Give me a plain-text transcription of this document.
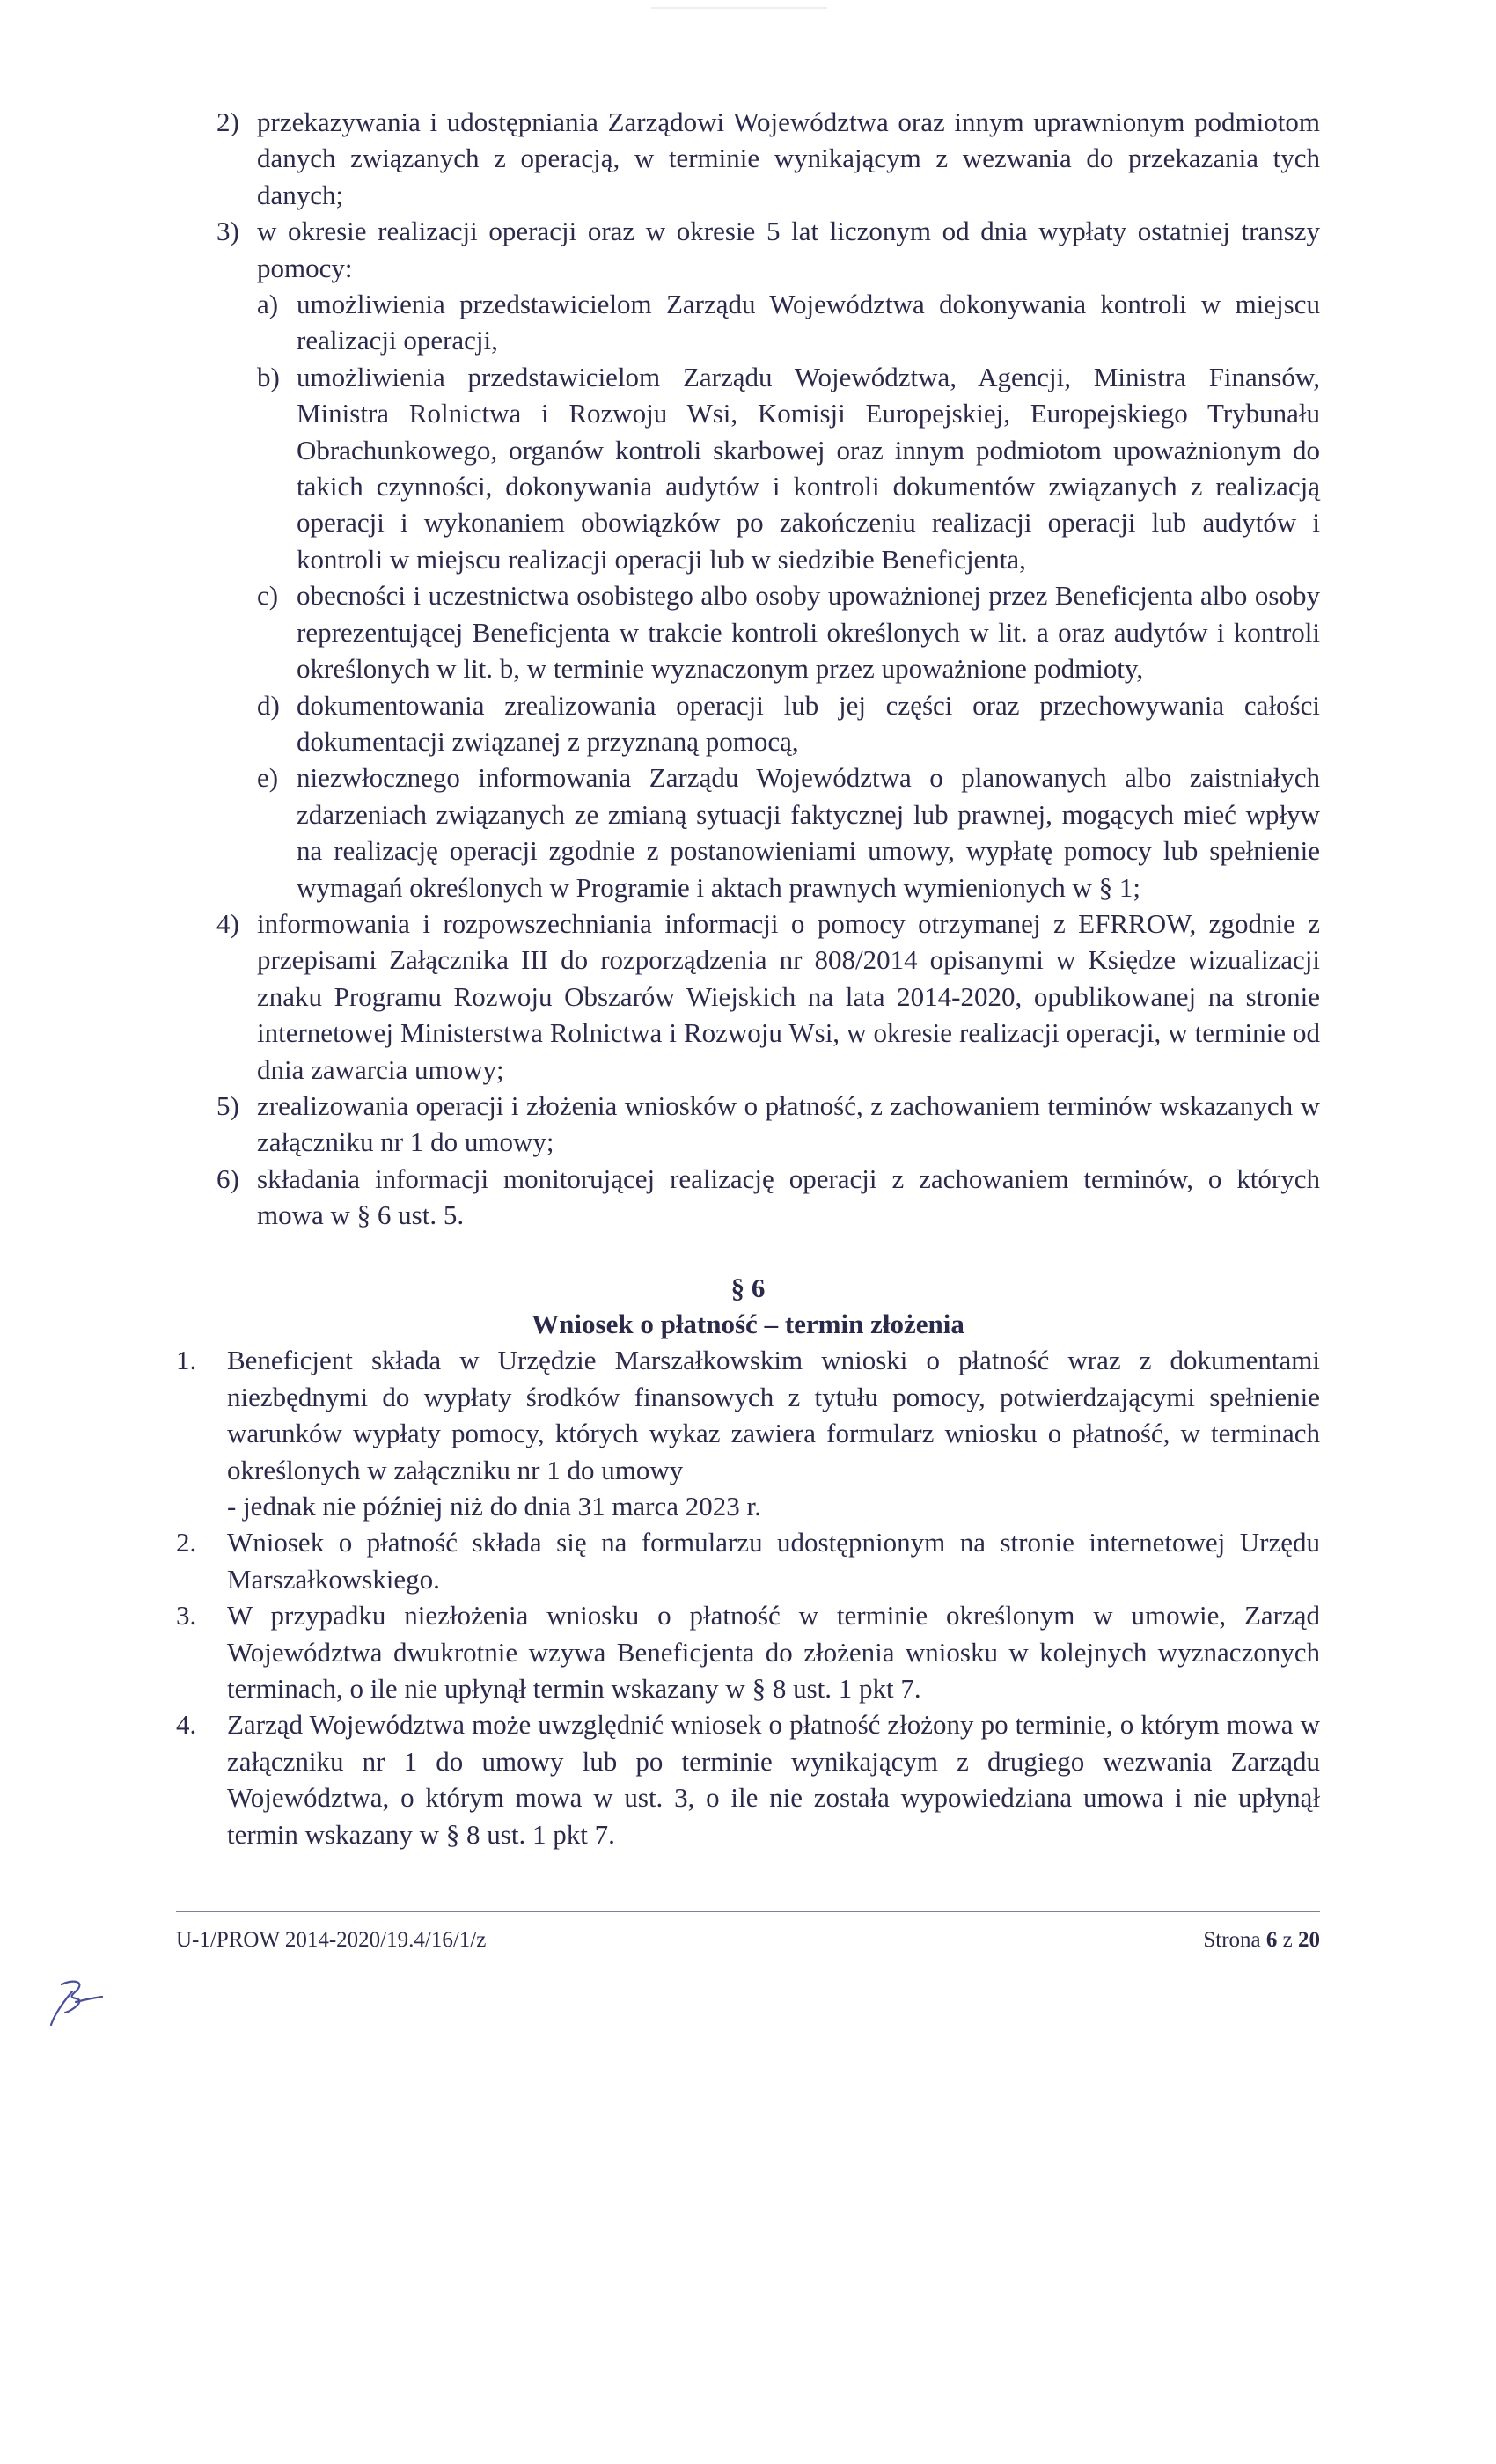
2) przekazywania i udostępniania Zarządowi Województwa oraz innym uprawnionym podmiotom danych związanych z operacją, w terminie wynikającym z wezwania do przekazania tych danych;
3) w okresie realizacji operacji oraz w okresie 5 lat liczonym od dnia wypłaty ostatniej transzy pomocy:
a) umożliwienia przedstawicielom Zarządu Województwa dokonywania kontroli w miejscu realizacji operacji,
b) umożliwienia przedstawicielom Zarządu Województwa, Agencji, Ministra Finansów, Ministra Rolnictwa i Rozwoju Wsi, Komisji Europejskiej, Europejskiego Trybunału Obrachunkowego, organów kontroli skarbowej oraz innym podmiotom upoważnionym do takich czynności, dokonywania audytów i kontroli dokumentów związanych z realizacją operacji i wykonaniem obowiązków po zakończeniu realizacji operacji lub audytów i kontroli w miejscu realizacji operacji lub w siedzibie Beneficjenta,
c) obecności i uczestnictwa osobistego albo osoby upoważnionej przez Beneficjenta albo osoby reprezentującej Beneficjenta w trakcie kontroli określonych w lit. a oraz audytów i kontroli określonych w lit. b, w terminie wyznaczonym przez upoważnione podmioty,
d) dokumentowania zrealizowania operacji lub jej części oraz przechowywania całości dokumentacji związanej z przyznaną pomocą,
e) niezwłocznego informowania Zarządu Województwa o planowanych albo zaistniałych zdarzeniach związanych ze zmianą sytuacji faktycznej lub prawnej, mogących mieć wpływ na realizację operacji zgodnie z postanowieniami umowy, wypłatę pomocy lub spełnienie wymagań określonych w Programie i aktach prawnych wymienionych w § 1;
4) informowania i rozpowszechniania informacji o pomocy otrzymanej z EFRROW, zgodnie z przepisami Załącznika III do rozporządzenia nr 808/2014 opisanymi w Księdze wizualizacji znaku Programu Rozwoju Obszarów Wiejskich na lata 2014-2020, opublikowanej na stronie internetowej Ministerstwa Rolnictwa i Rozwoju Wsi, w okresie realizacji operacji, w terminie od dnia zawarcia umowy;
5) zrealizowania operacji i złożenia wniosków o płatność, z zachowaniem terminów wskazanych w załączniku nr 1 do umowy;
6) składania informacji monitorującej realizację operacji z zachowaniem terminów, o których mowa w § 6 ust. 5.
§ 6
Wniosek o płatność – termin złożenia
1.	Beneficjent składa w Urzędzie Marszałkowskim wnioski o płatność wraz z dokumentami niezbędnymi do wypłaty środków finansowych z tytułu pomocy, potwierdzającymi spełnienie warunków wypłaty pomocy, których wykaz zawiera formularz wniosku o płatność, w terminach określonych w załączniku nr 1 do umowy
- jednak nie później niż do dnia 31 marca 2023 r.
2.	Wniosek o płatność składa się na formularzu udostępnionym na stronie internetowej Urzędu Marszałkowskiego.
3.	W przypadku niezłożenia wniosku o płatność w terminie określonym w umowie, Zarząd Województwa dwukrotnie wzywa Beneficjenta do złożenia wniosku w kolejnych wyznaczonych terminach, o ile nie upłynął termin wskazany w § 8 ust. 1 pkt 7.
4.	Zarząd Województwa może uwzględnić wniosek o płatność złożony po terminie, o którym mowa w załączniku nr 1 do umowy lub po terminie wynikającym z drugiego wezwania Zarządu Województwa, o którym mowa w ust. 3, o ile nie została wypowiedziana umowa i nie upłynął termin wskazany w § 8 ust. 1 pkt 7.
U-1/PROW 2014-2020/19.4/16/1/z	Strona 6 z 20
